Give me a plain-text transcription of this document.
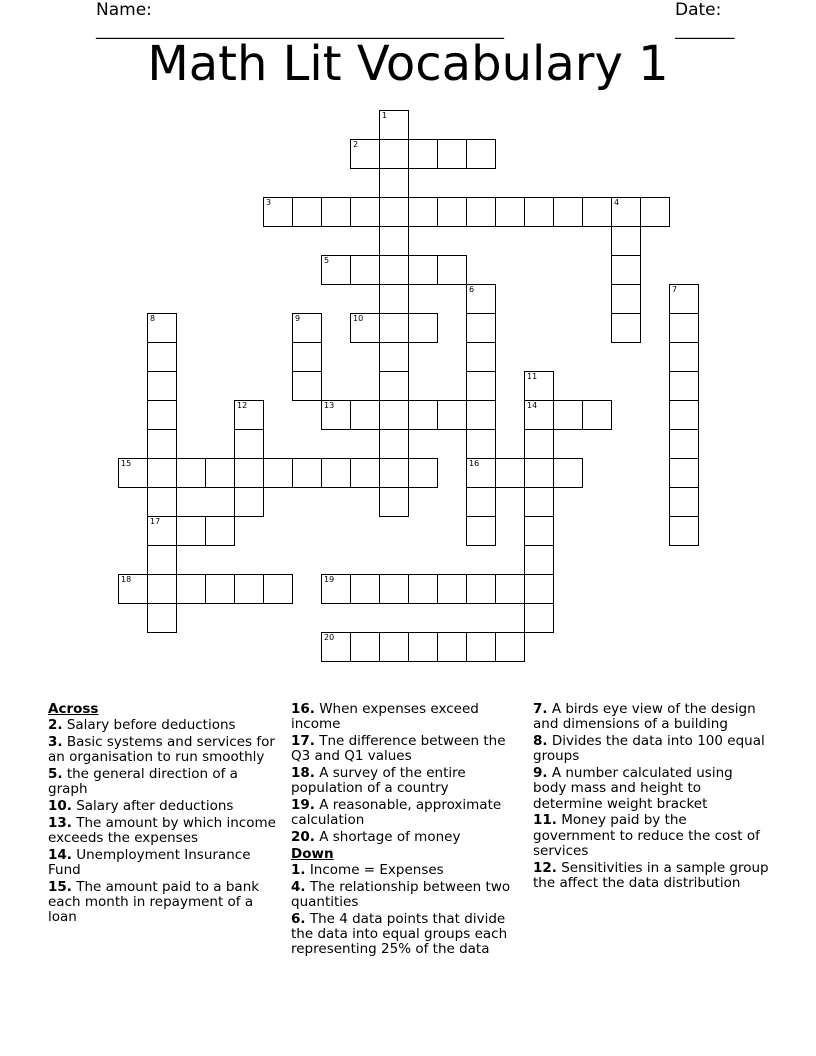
Name: ________________________________________________
Date: _______
Math Lit Vocabulary 1
1
2
3	4
5
6
16
7
8
17
9	10
11
14
12	13
15
18	19
20
Across
2. Salary before deductions
3. Basic systems and services for an organisation to run smoothly
5. the general direction of a graph
10. Salary after deductions
13. The amount by which income exceeds the expenses
14. Unemployment Insurance Fund
15. The amount paid to a bank each month in repayment of a loan
16. When expenses exceed income
17. Tne difference between the Q3 and Q1 values
18. A survey of the entire population of a country
19. A reasonable, approximate calculation
20. A shortage of money
Down
1. Income = Expenses
4. The relationship between two quantities
6. The 4 data points that divide the data into equal groups each representing 25% of the data
7. A birds eye view of the design and dimensions of a building
8. Divides the data into 100 equal groups
9. A number calculated using body mass and height to determine weight bracket
11. Money paid by the government to reduce the cost of services
12. Sensitivities in a sample group the affect the data distribution
